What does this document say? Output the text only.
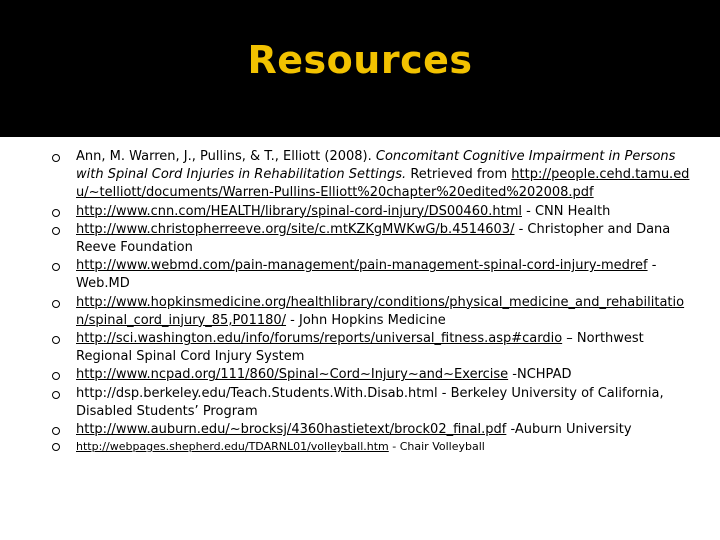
Resources
Ann, M. Warren, J., Pullins, & T., Elliott (2008). Concomitant Cognitive Impairment in Persons with Spinal Cord Injuries in Rehabilitation Settings. Retrieved from http://people.cehd.tamu.edu/~telliott/documents/Warren-Pullins-Elliott%20chapter%20edited%202008.pdf
http://www.cnn.com/HEALTH/library/spinal-cord-injury/DS00460.html - CNN Health
http://www.christopherreeve.org/site/c.mtKZKgMWKwG/b.4514603/ - Christopher and Dana Reeve Foundation
http://www.webmd.com/pain-management/pain-management-spinal-cord-injury-medref - Web.MD
http://www.hopkinsmedicine.org/healthlibrary/conditions/physical_medicine_and_rehabilitation/spinal_cord_injury_85,P01180/ - John Hopkins Medicine
http://sci.washington.edu/info/forums/reports/universal_fitness.asp#cardio – Northwest Regional Spinal Cord Injury System
http://www.ncpad.org/111/860/Spinal~Cord~Injury~and~Exercise -NCHPAD
http://dsp.berkeley.edu/Teach.Students.With.Disab.html - Berkeley University of California, Disabled Students’ Program
http://www.auburn.edu/~brocksj/4360hastietext/brock02_final.pdf -Auburn University
http://webpages.shepherd.edu/TDARNL01/volleyball.htm - Chair Volleyball
